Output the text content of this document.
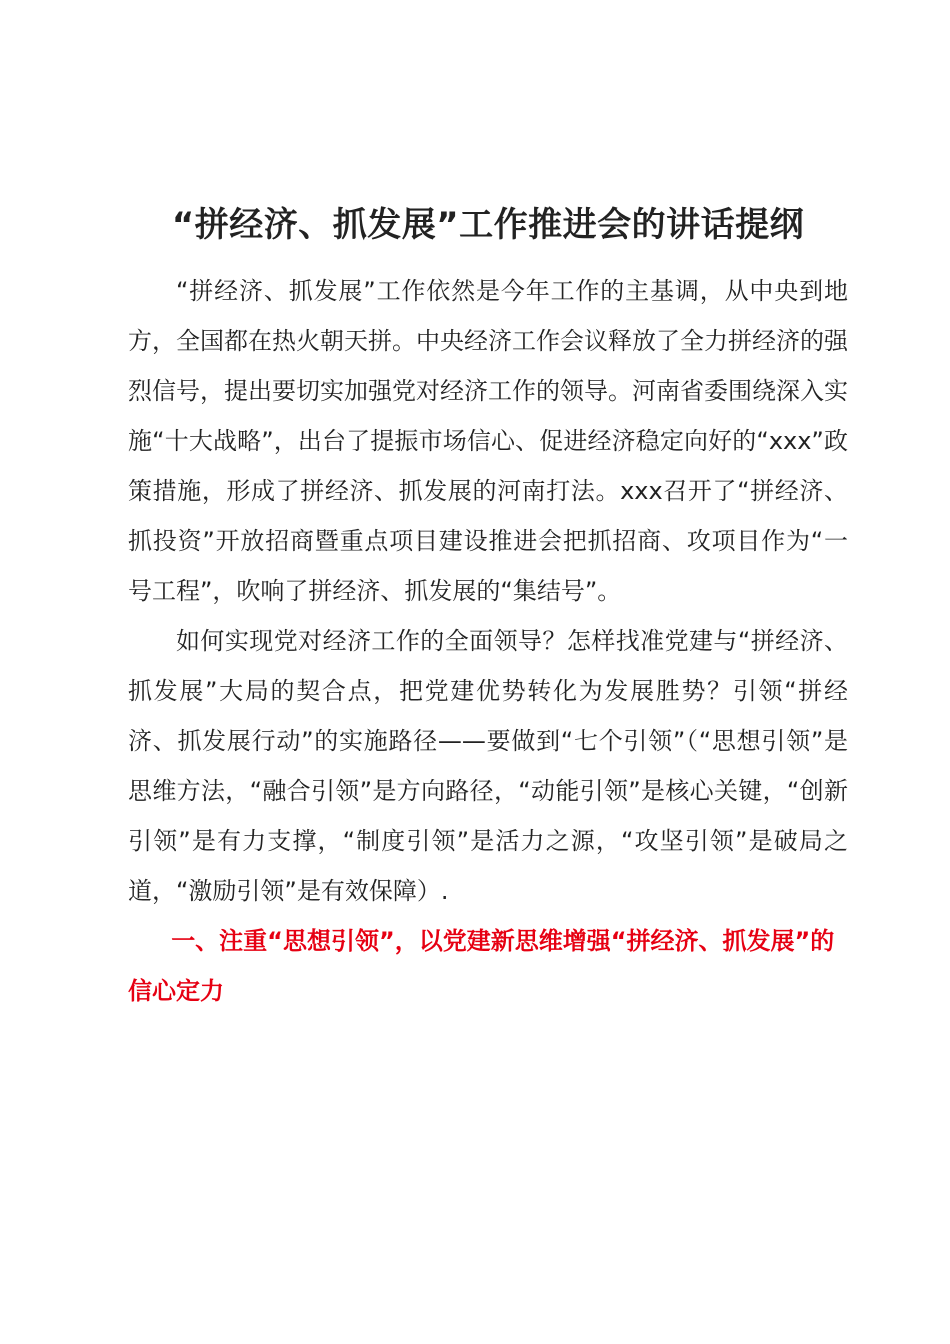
“拼经济、抓发展”工作推进会的讲话提纲

“拼经济、抓发展”工作依然是今年工作的主基调，从中央到地方，全国都在热火朝天拼。中央经济工作会议释放了全力拼经济的强烈信号，提出要切实加强党对经济工作的领导。河南省委围绕深入实施“十大战略”，出台了提振市场信心、促进经济稳定向好的“xxx”政策措施，形成了拼经济、抓发展的河南打法。xxx召开了“拼经济、抓投资”开放招商暨重点项目建设推进会把抓招商、攻项目作为“一号工程”，吹响了拼经济、抓发展的“集结号”。

如何实现党对经济工作的全面领导？怎样找准党建与“拼经济、抓发展”大局的契合点，把党建优势转化为发展胜势？引领“拼经济、抓发展行动”的实施路径——要做到“七个引领”（“思想引领”是思维方法，“融合引领”是方向路径，“动能引领”是核心关键，“创新引领”是有力支撑，“制度引领”是活力之源，“攻坚引领”是破局之道，“激励引领”是有效保障）.

一、注重“思想引领”，以党建新思维增强“拼经济、抓发展”的信心定力
